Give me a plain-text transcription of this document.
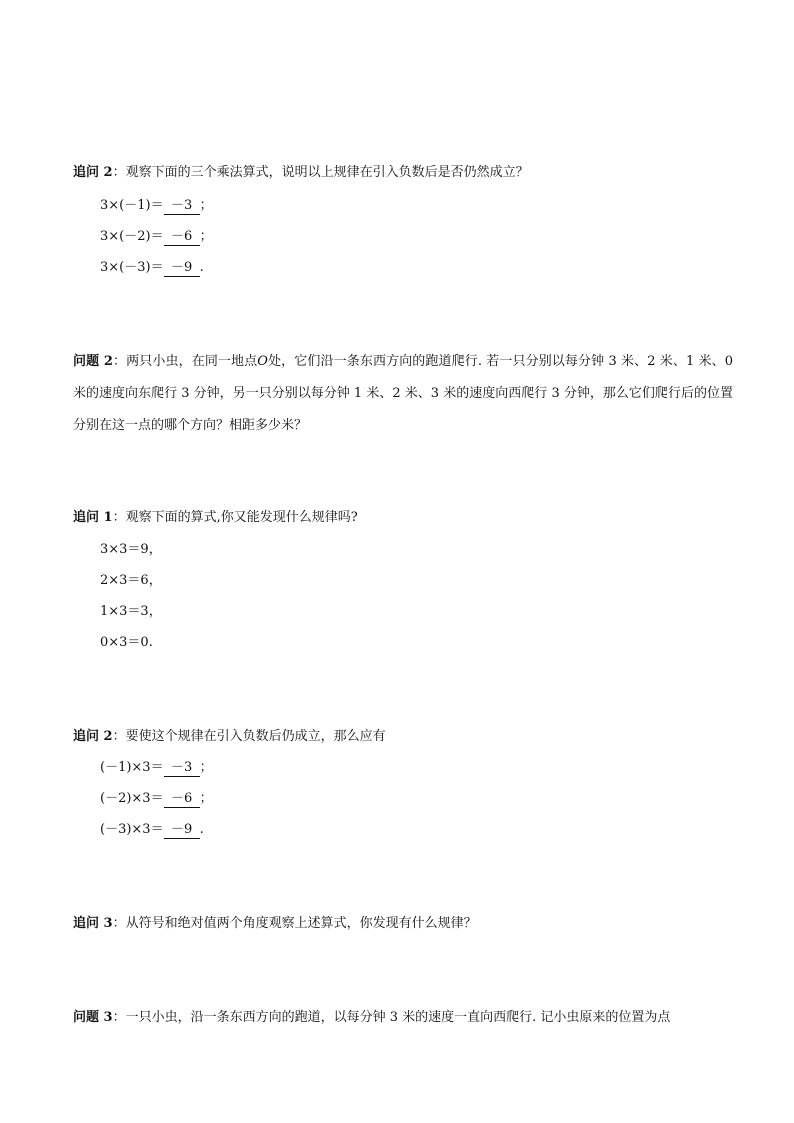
追问 2：观察下面的三个乘法算式，说明以上规律在引入负数后是否仍然成立？
3×(－1)＝ －3 ；
3×(－2)＝ －6 ；
3×(－3)＝ －9 .
问题 2：两只小虫，在同一地点O处，它们沿一条东西方向的跑道爬行. 若一只分别以每分钟 3 米、2 米、1 米、0 米的速度向东爬行 3 分钟，另一只分别以每分钟 1 米、2 米、3 米的速度向西爬行 3 分钟，那么它们爬行后的位置分别在这一点的哪个方向？相距多少米？
追问 1：观察下面的算式,你又能发现什么规律吗?
3×3＝9，
2×3＝6，
1×3＝3，
0×3＝0.
追问 2：要使这个规律在引入负数后仍成立，那么应有
(－1)×3＝ －3 ；
(－2)×3＝ －6 ；
(－3)×3＝ －9 .
追问 3：从符号和绝对值两个角度观察上述算式，你发现有什么规律？
问题 3：一只小虫，沿一条东西方向的跑道，以每分钟 3 米的速度一直向西爬行. 记小虫原来的位置为点
